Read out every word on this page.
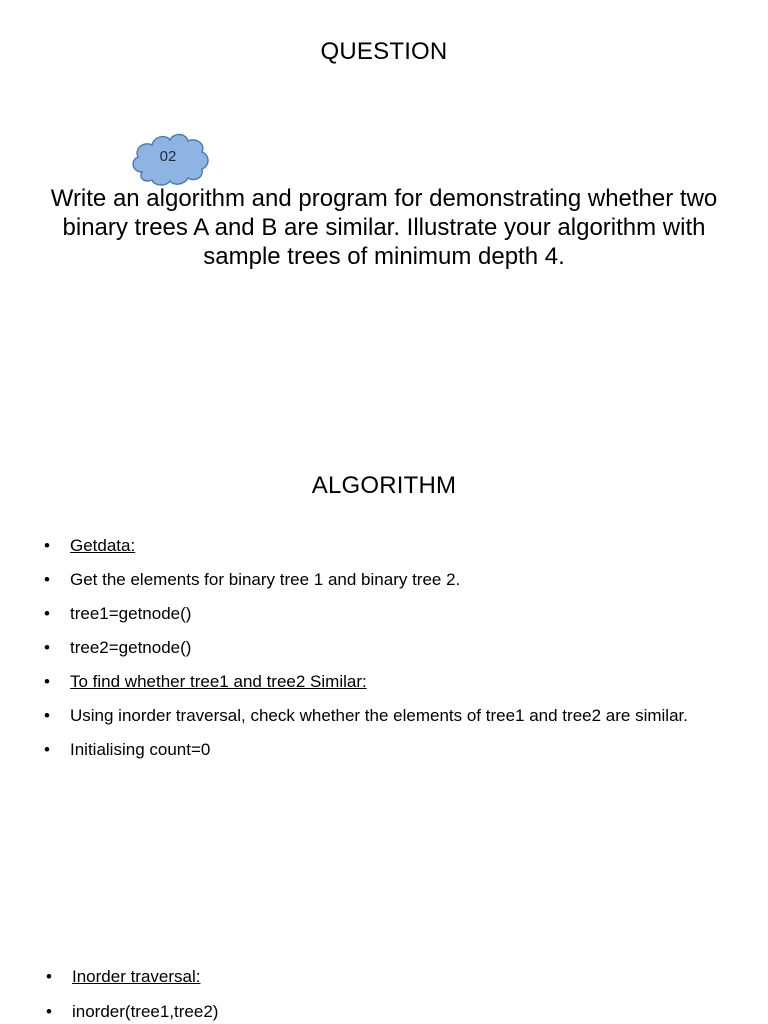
QUESTION
02
Write an algorithm and program for demonstrating whether two binary trees A and B are similar. Illustrate your algorithm with sample trees of minimum depth 4.
ALGORITHM
• Getdata:
• Get the elements for binary tree 1 and binary tree 2.
• tree1=getnode()
• tree2=getnode()
• To find whether tree1 and tree2 Similar:
• Using inorder traversal, check whether the elements of tree1 and tree2 are similar.
• Initialising count=0
• Inorder traversal:
• inorder(tree1,tree2)
